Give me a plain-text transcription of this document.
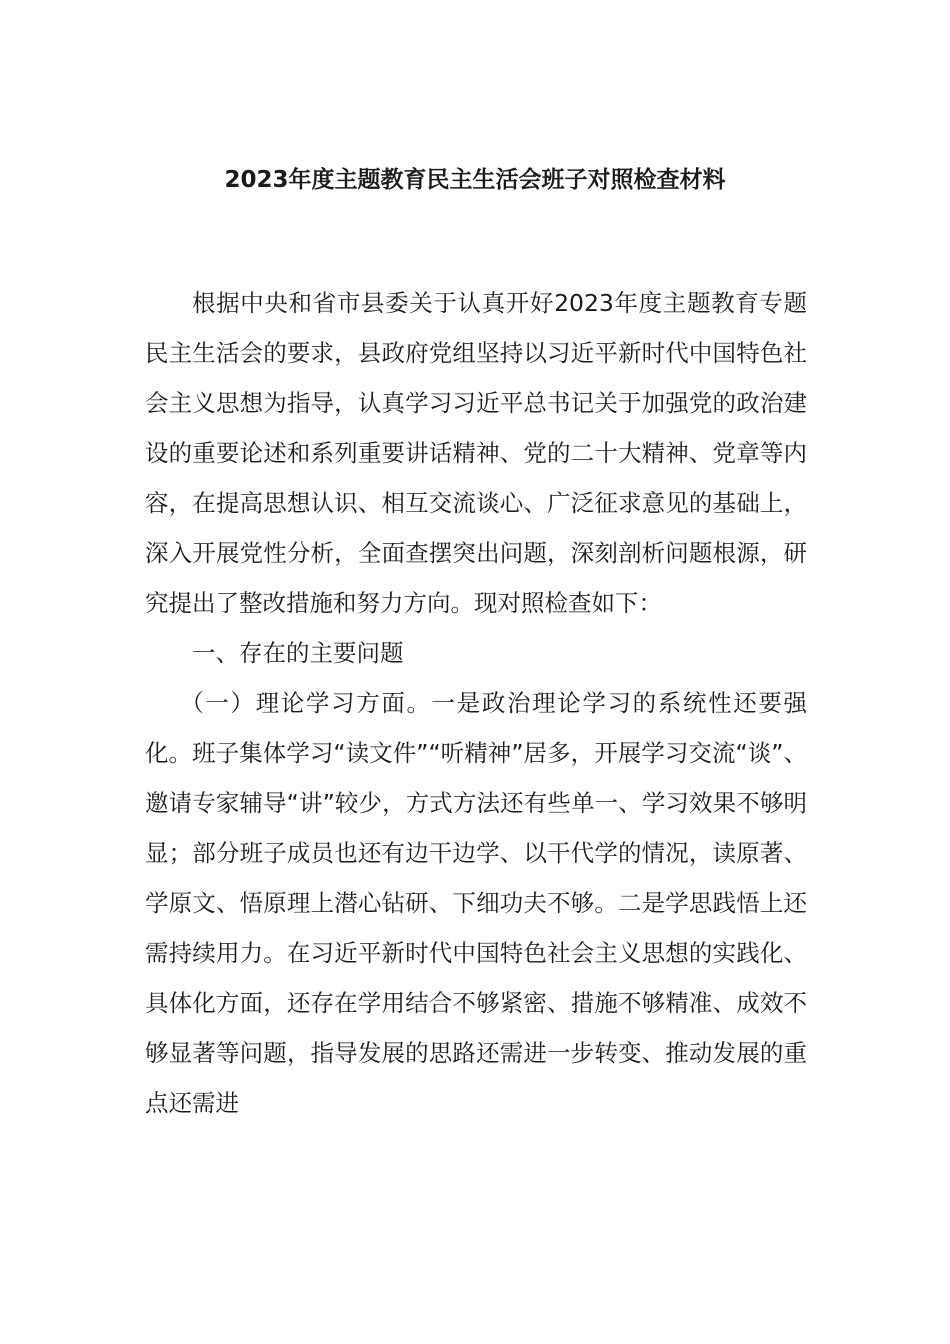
2023年度主题教育民主生活会班子对照检查材料

根据中央和省市县委关于认真开好2023年度主题教育专题民主生活会的要求，县政府党组坚持以习近平新时代中国特色社会主义思想为指导，认真学习习近平总书记关于加强党的政治建设的重要论述和系列重要讲话精神、党的二十大精神、党章等内容，在提高思想认识、相互交流谈心、广泛征求意见的基础上，深入开展党性分析，全面查摆突出问题，深刻剖析问题根源，研究提出了整改措施和努力方向。现对照检查如下：

一、存在的主要问题

（一）理论学习方面。一是政治理论学习的系统性还要强化。班子集体学习“读文件”“听精神”居多，开展学习交流“谈”、邀请专家辅导“讲”较少，方式方法还有些单一、学习效果不够明显；部分班子成员也还有边干边学、以干代学的情况，读原著、学原文、悟原理上潜心钻研、下细功夫不够。二是学思践悟上还需持续用力。在习近平新时代中国特色社会主义思想的实践化、具体化方面，还存在学用结合不够紧密、措施不够精准、成效不够显著等问题，指导发展的思路还需进一步转变、推动发展的重点还需进
